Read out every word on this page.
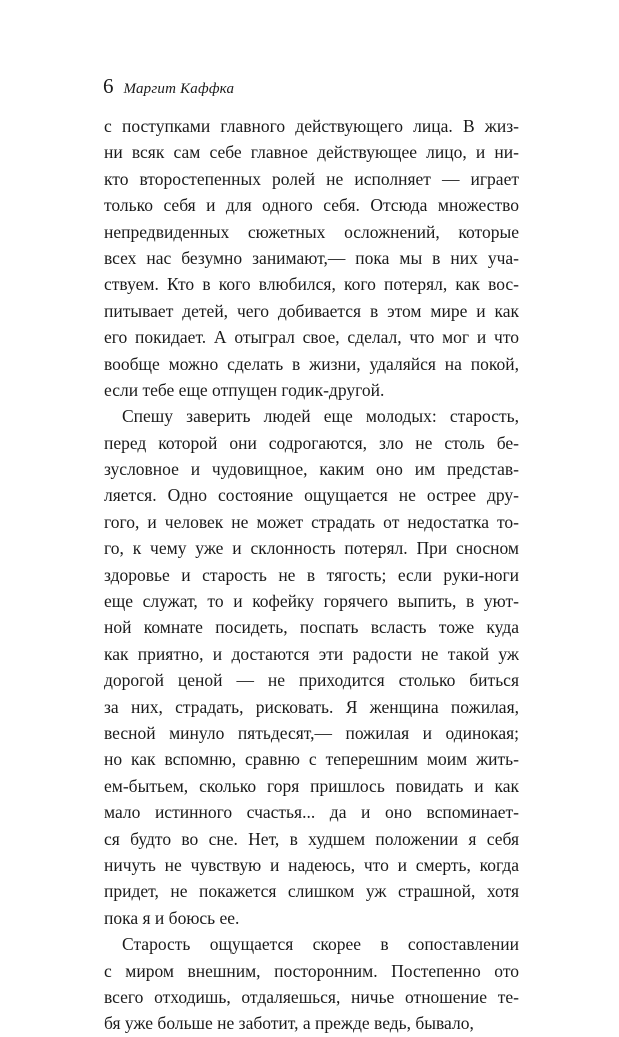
6 Маргит Каффка
с поступками главного действующего лица. В жиз-
ни всяк сам себе главное действующее лицо, и ни-
кто второстепенных ролей не исполняет — играет
только себя и для одного себя. Отсюда множество
непредвиденных сюжетных осложнений, которые
всех нас безумно занимают,— пока мы в них уча-
ствуем. Кто в кого влюбился, кого потерял, как вос-
питывает детей, чего добивается в этом мире и как
его покидает. А отыграл свое, сделал, что мог и что
вообще можно сделать в жизни, удаляйся на покой,
если тебе еще отпущен годик-другой.
Спешу заверить людей еще молодых: старость,
перед которой они содрогаются, зло не столь бе-
зусловное и чудовищное, каким оно им представ-
ляется. Одно состояние ощущается не острее дру-
гого, и человек не может страдать от недостатка то-
го, к чему уже и склонность потерял. При сносном
здоровье и старость не в тягость; если руки-ноги
еще служат, то и кофейку горячего выпить, в уют-
ной комнате посидеть, поспать всласть тоже куда
как приятно, и достаются эти радости не такой уж
дорогой ценой — не приходится столько биться
за них, страдать, рисковать. Я женщина пожилая,
весной минуло пятьдесят,— пожилая и одинокая;
но как вспомню, сравню с теперешним моим жить-
ем-бытьем, сколько горя пришлось повидать и как
мало истинного счастья... да и оно вспоминает-
ся будто во сне. Нет, в худшем положении я себя
ничуть не чувствую и надеюсь, что и смерть, когда
придет, не покажется слишком уж страшной, хотя
пока я и боюсь ее.
Старость ощущается скорее в сопоставлении
с миром внешним, посторонним. Постепенно ото
всего отходишь, отдаляешься, ничье отношение те-
бя уже больше не заботит, а прежде ведь, бывало,
